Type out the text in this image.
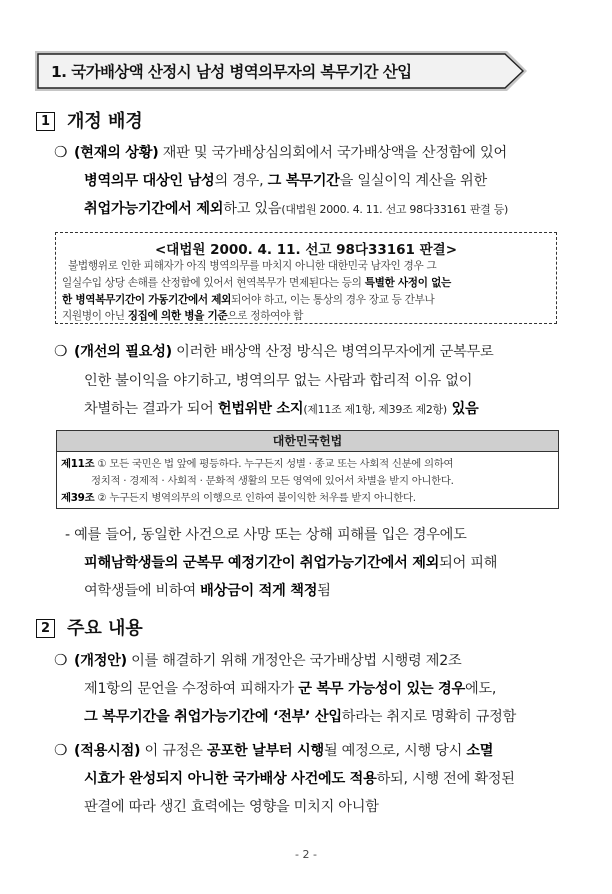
1. 국가배상액 산정시 남성 병역의무자의 복무기간 산입
1 개정 배경
❍ (현재의 상황) 재판 및 국가배상심의회에서 국가배상액을 산정함에 있어
병역의무 대상인 남성의 경우, 그 복무기간을 일실이익 계산을 위한
취업가능기간에서 제외하고 있음(대법원 2000. 4. 11. 선고 98다33161 판결 등)
<대법원 2000. 4. 11. 선고 98다33161 판결>
불법행위로 인한 피해자가 아직 병역의무를 마치지 아니한 대한민국 남자인 경우 그
일실수입 상당 손해를 산정함에 있어서 현역복무가 면제된다는 등의 특별한 사정이 없는
한 병역복무기간이 가동기간에서 제외되어야 하고, 이는 통상의 경우 장교 등 간부나
지원병이 아닌 징집에 의한 병을 기준으로 정하여야 함
❍ (개선의 필요성) 이러한 배상액 산정 방식은 병역의무자에게 군복무로
인한 불이익을 야기하고, 병역의무 없는 사람과 합리적 이유 없이
차별하는 결과가 되어 헌법위반 소지(제11조 제1항, 제39조 제2항) 있음
대한민국헌법
제11조 ① 모든 국민은 법 앞에 평등하다. 누구든지 성별 · 종교 또는 사회적 신분에 의하여
정치적 · 경제적 · 사회적 · 문화적 생활의 모든 영역에 있어서 차별을 받지 아니한다.
제39조 ② 누구든지 병역의무의 이행으로 인하여 불이익한 처우를 받지 아니한다.
- 예를 들어, 동일한 사건으로 사망 또는 상해 피해를 입은 경우에도
피해남학생들의 군복무 예정기간이 취업가능기간에서 제외되어 피해
여학생들에 비하여 배상금이 적게 책정됨
2 주요 내용
❍ (개정안) 이를 해결하기 위해 개정안은 국가배상법 시행령 제2조
제1항의 문언을 수정하여 피해자가 군 복무 가능성이 있는 경우에도,
그 복무기간을 취업가능기간에 ‘전부’ 산입하라는 취지로 명확히 규정함
❍ (적용시점) 이 규정은 공포한 날부터 시행될 예정으로, 시행 당시 소멸
시효가 완성되지 아니한 국가배상 사건에도 적용하되, 시행 전에 확정된
판결에 따라 생긴 효력에는 영향을 미치지 아니함
- 2 -
